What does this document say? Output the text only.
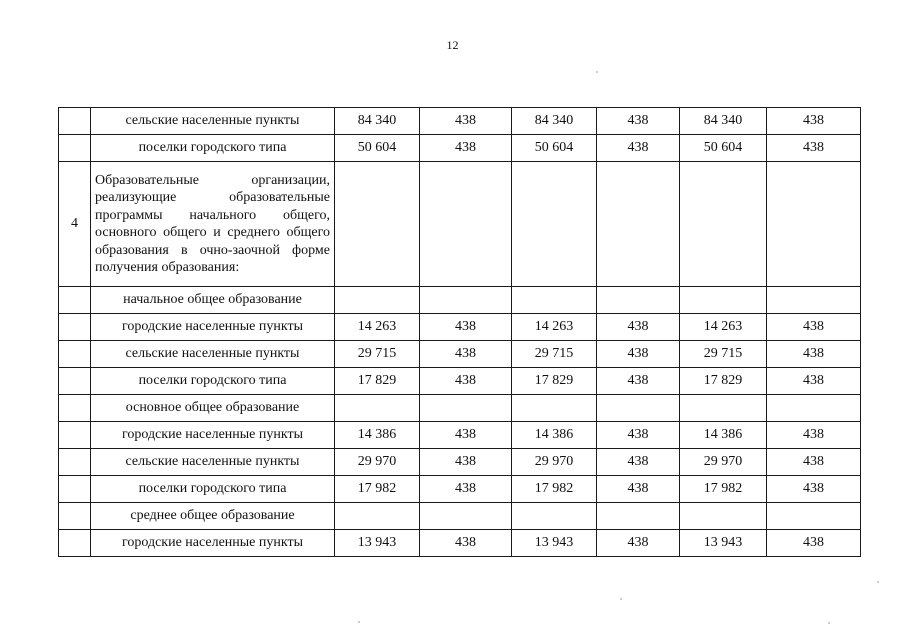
12
	сельские населенные пункты	84 340	438	84 340	438	84 340	438
	поселки городского типа	50 604	438	50 604	438	50 604	438
4	Образовательные организации, реализующие образовательные программы начального общего, основного общего и среднего общего образования в очно-заочной форме получения образования:						
	начальное общее образование						
	городские населенные пункты	14 263	438	14 263	438	14 263	438
	сельские населенные пункты	29 715	438	29 715	438	29 715	438
	поселки городского типа	17 829	438	17 829	438	17 829	438
	основное общее образование						
	городские населенные пункты	14 386	438	14 386	438	14 386	438
	сельские населенные пункты	29 970	438	29 970	438	29 970	438
	поселки городского типа	17 982	438	17 982	438	17 982	438
	среднее общее образование						
	городские населенные пункты	13 943	438	13 943	438	13 943	438
